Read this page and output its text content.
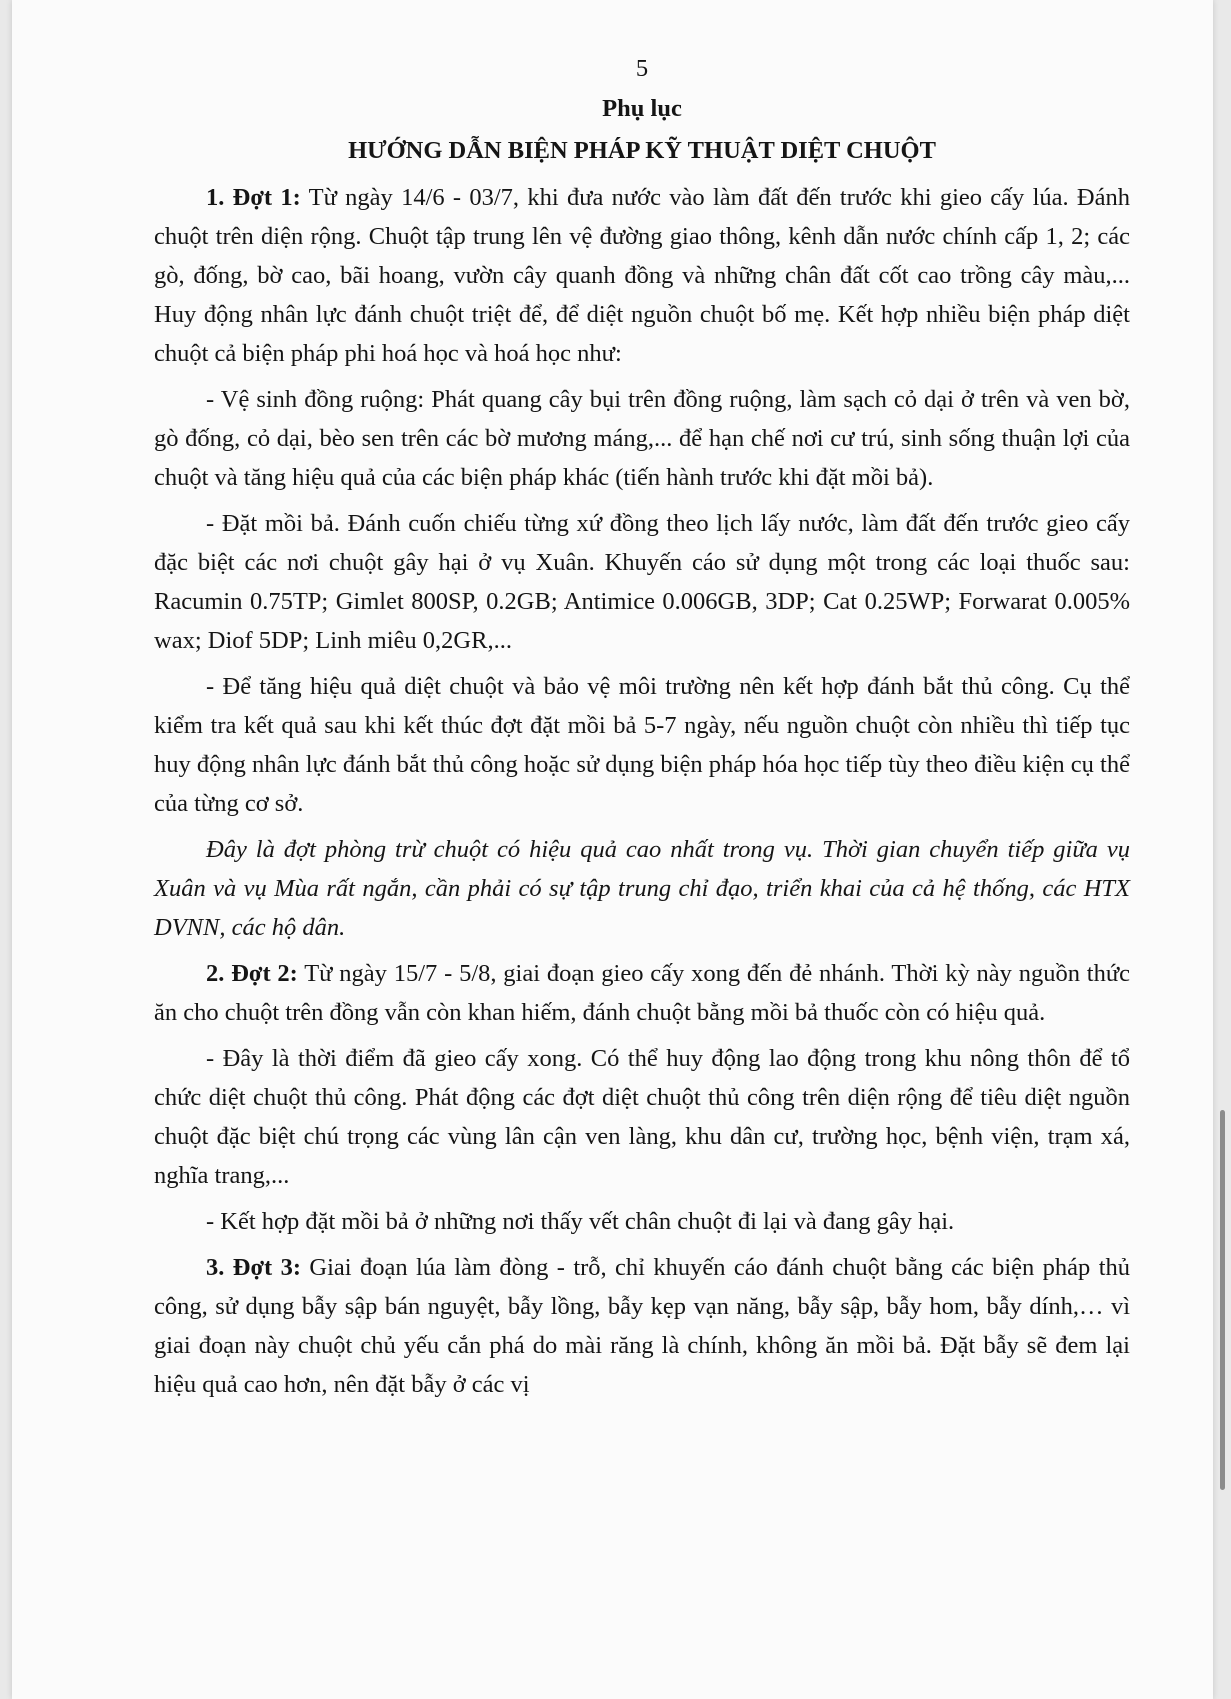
5
Phụ lục
HƯỚNG DẪN BIỆN PHÁP KỸ THUẬT DIỆT CHUỘT

1. Đợt 1: Từ ngày 14/6 - 03/7, khi đưa nước vào làm đất đến trước khi gieo cấy lúa. Đánh chuột trên diện rộng. Chuột tập trung lên vệ đường giao thông, kênh dẫn nước chính cấp 1, 2; các gò, đống, bờ cao, bãi hoang, vườn cây quanh đồng và những chân đất cốt cao trồng cây màu,... Huy động nhân lực đánh chuột triệt để, để diệt nguồn chuột bố mẹ. Kết hợp nhiều biện pháp diệt chuột cả biện pháp phi hoá học và hoá học như:

- Vệ sinh đồng ruộng: Phát quang cây bụi trên đồng ruộng, làm sạch cỏ dại ở trên và ven bờ, gò đống, cỏ dại, bèo sen trên các bờ mương máng,... để hạn chế nơi cư trú, sinh sống thuận lợi của chuột và tăng hiệu quả của các biện pháp khác (tiến hành trước khi đặt mồi bả).

- Đặt mồi bả. Đánh cuốn chiếu từng xứ đồng theo lịch lấy nước, làm đất đến trước gieo cấy đặc biệt các nơi chuột gây hại ở vụ Xuân. Khuyến cáo sử dụng một trong các loại thuốc sau: Racumin 0.75TP; Gimlet 800SP, 0.2GB; Antimice 0.006GB, 3DP; Cat 0.25WP; Forwarat 0.005% wax; Diof 5DP; Linh miêu 0,2GR,...

- Để tăng hiệu quả diệt chuột và bảo vệ môi trường nên kết hợp đánh bắt thủ công. Cụ thể kiểm tra kết quả sau khi kết thúc đợt đặt mồi bả 5-7 ngày, nếu nguồn chuột còn nhiều thì tiếp tục huy động nhân lực đánh bắt thủ công hoặc sử dụng biện pháp hóa học tiếp tùy theo điều kiện cụ thể của từng cơ sở.

Đây là đợt phòng trừ chuột có hiệu quả cao nhất trong vụ. Thời gian chuyển tiếp giữa vụ Xuân và vụ Mùa rất ngắn, cần phải có sự tập trung chỉ đạo, triển khai của cả hệ thống, các HTX DVNN, các hộ dân.

2. Đợt 2: Từ ngày 15/7 - 5/8, giai đoạn gieo cấy xong đến đẻ nhánh. Thời kỳ này nguồn thức ăn cho chuột trên đồng vẫn còn khan hiếm, đánh chuột bằng mồi bả thuốc còn có hiệu quả.

- Đây là thời điểm đã gieo cấy xong. Có thể huy động lao động trong khu nông thôn để tổ chức diệt chuột thủ công. Phát động các đợt diệt chuột thủ công trên diện rộng để tiêu diệt nguồn chuột đặc biệt chú trọng các vùng lân cận ven làng, khu dân cư, trường học, bệnh viện, trạm xá, nghĩa trang,...

- Kết hợp đặt mồi bả ở những nơi thấy vết chân chuột đi lại và đang gây hại.

3. Đợt 3: Giai đoạn lúa làm đòng - trỗ, chỉ khuyến cáo đánh chuột bằng các biện pháp thủ công, sử dụng bẫy sập bán nguyệt, bẫy lồng, bẫy kẹp vạn năng, bẫy sập, bẫy hom, bẫy dính,… vì giai đoạn này chuột chủ yếu cắn phá do mài răng là chính, không ăn mồi bả. Đặt bẫy sẽ đem lại hiệu quả cao hơn, nên đặt bẫy ở các vị
